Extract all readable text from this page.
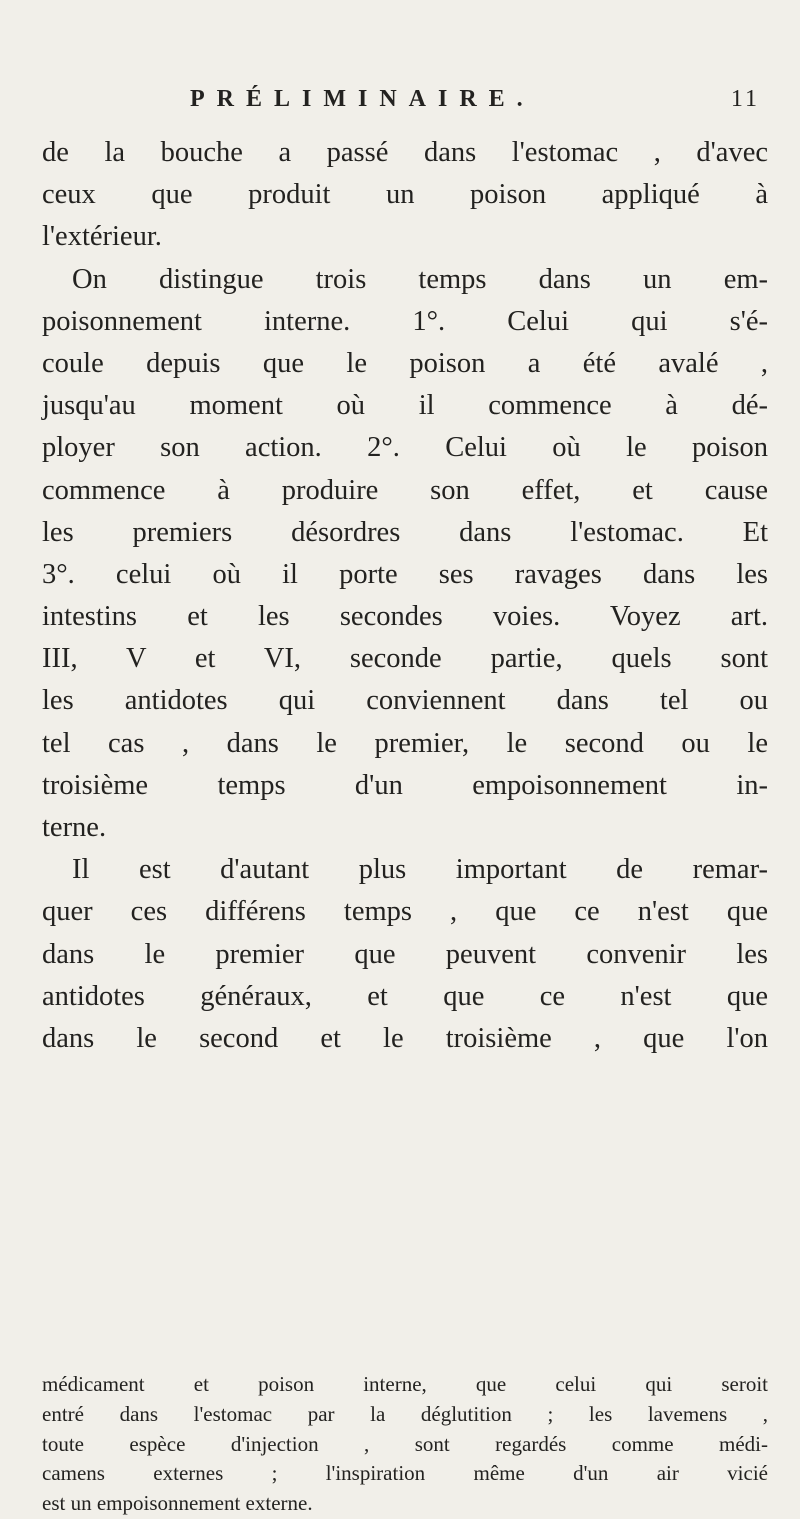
PRÉLIMINAIRE.	11
de la bouche a passé dans l'estomac , d'avec
ceux que produit un poison appliqué à
l'extérieur.
On distingue trois temps dans un em-
poisonnement interne. 1°. Celui qui s'é-
coule depuis que le poison a été avalé ,
jusqu'au moment où il commence à dé-
ployer son action. 2°. Celui où le poison
commence à produire son effet, et cause
les premiers désordres dans l'estomac. Et
3°. celui où il porte ses ravages dans les
intestins et les secondes voies. Voyez art.
III, V et VI, seconde partie, quels sont
les antidotes qui conviennent dans tel ou
tel cas , dans le premier, le second ou le
troisième temps d'un empoisonnement in-
terne.
Il est d'autant plus important de remar-
quer ces différens temps , que ce n'est que
dans le premier que peuvent convenir les
antidotes généraux, et que ce n'est que
dans le second et le troisième , que l'on
médicament et poison interne, que celui qui seroit
entré dans l'estomac par la déglutition ; les lavemens ,
toute espèce d'injection , sont regardés comme médi-
camens externes ; l'inspiration même d'un air vicié
est un empoisonnement externe.
